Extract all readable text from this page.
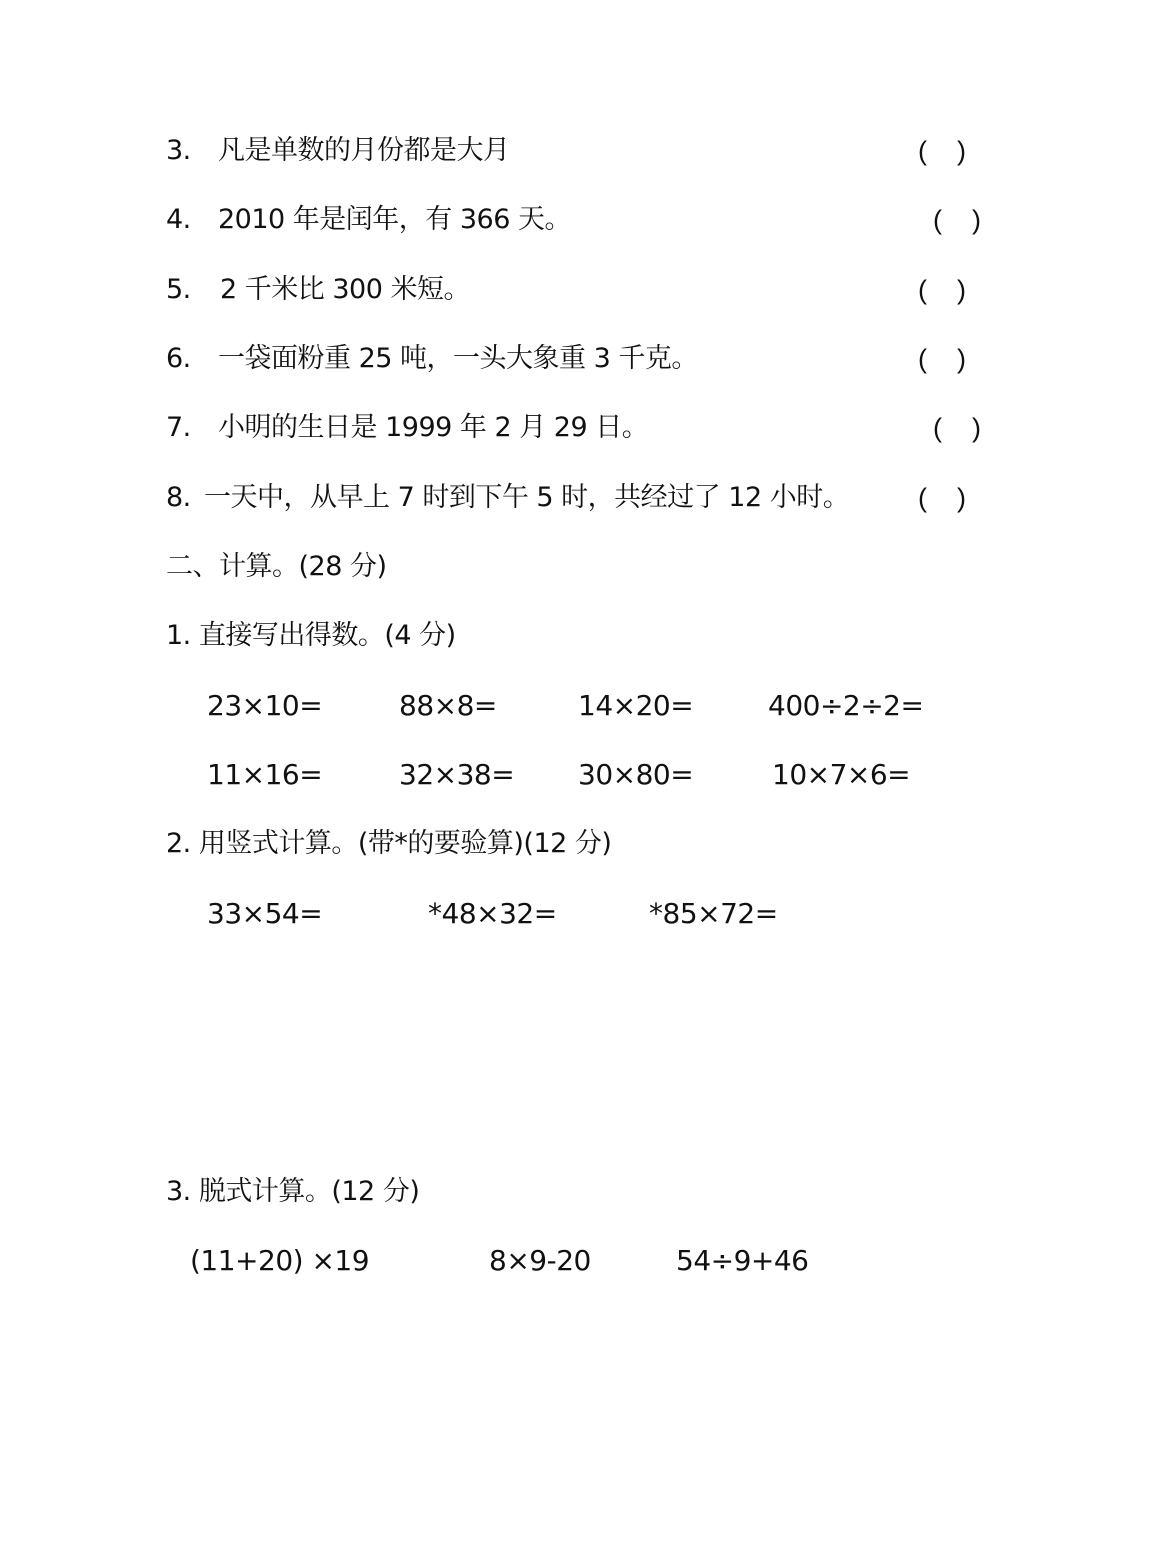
3. 凡是单数的月份都是大月	(    )
4. 2010 年是闰年，有 366 天。	(    )
5. 2 千米比 300 米短。	(    )
6. 一袋面粉重 25 吨，一头大象重 3 千克。	(    )
7. 小明的生日是 1999 年 2 月 29 日。	(    )
8. 一天中，从早上 7 时到下午 5 时，共经过了 12 小时。	(    )
二、计算。(28 分)
1. 直接写出得数。(4 分)
23×10=	88×8=	14×20=	400÷2÷2=
11×16=	32×38= 30×80=	10×7×6=
2. 用竖式计算。(带*的要验算)(12 分)
33×54=	*48×32=	*85×72=
3. 脱式计算。(12 分)
(11+20) ×19	8×9-20	54÷9+46
